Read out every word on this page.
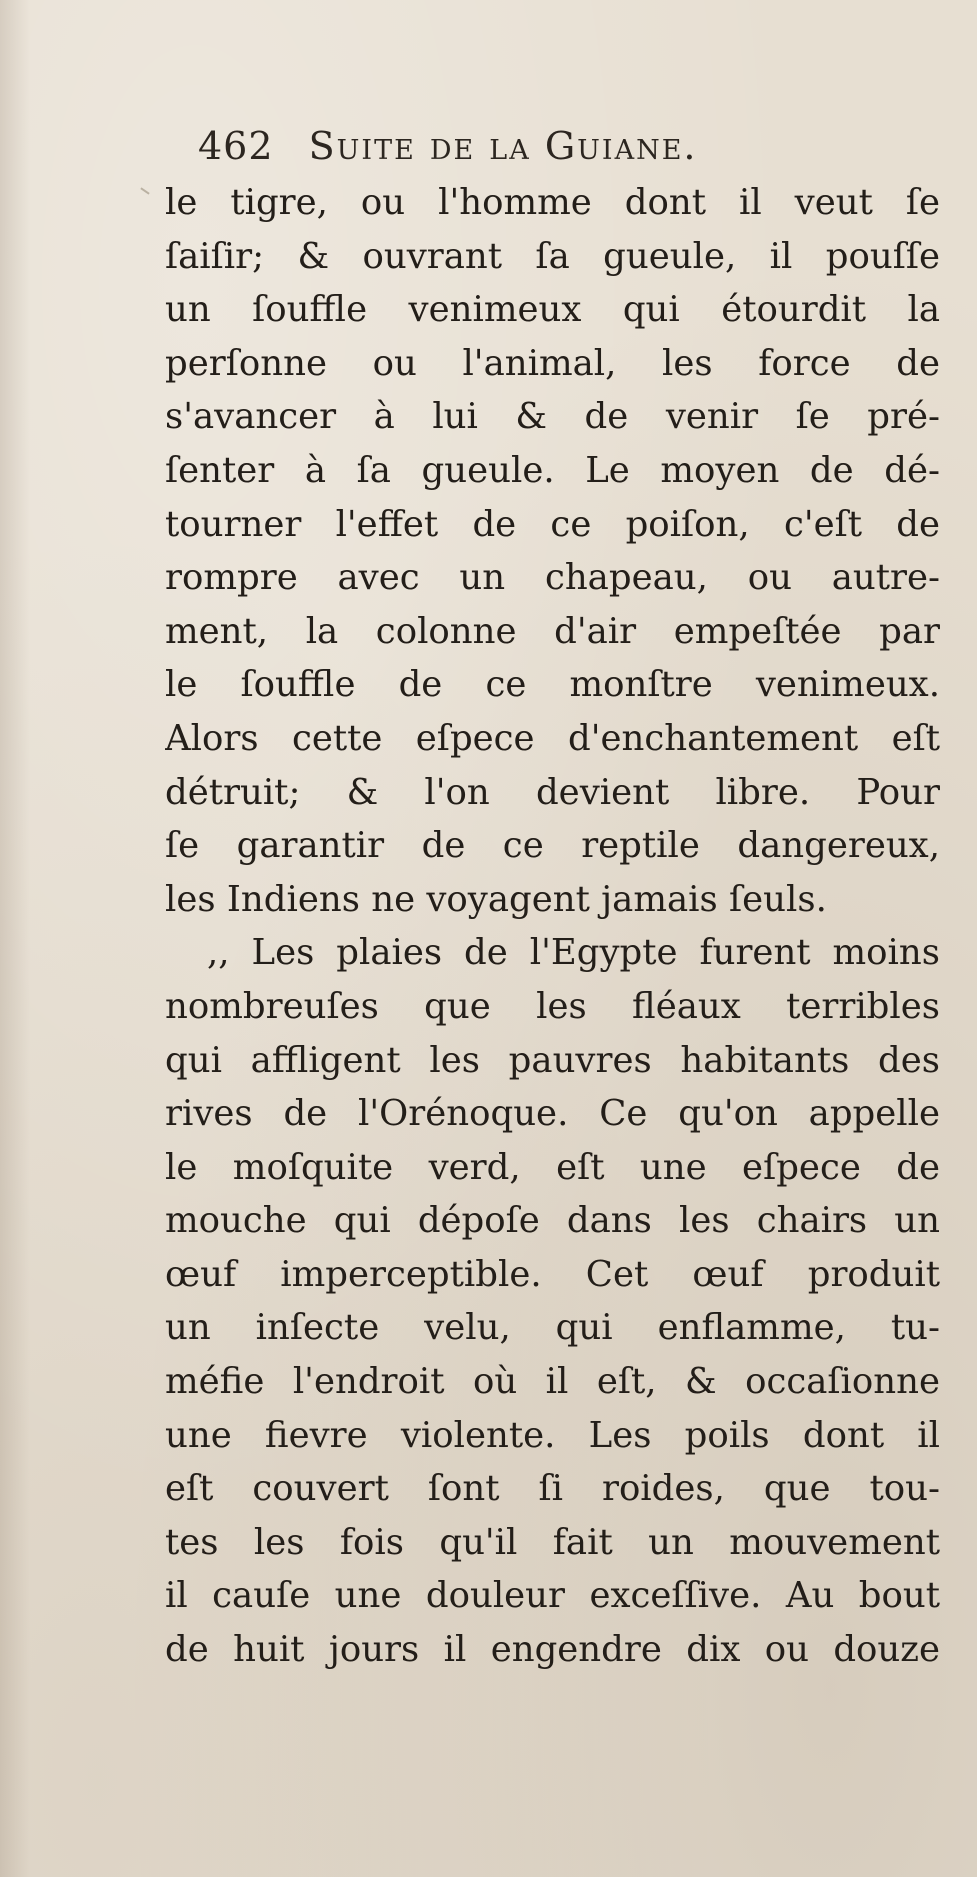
462 Suite de la Guiane.
le tigre, ou l'homme dont il veut ſe
ſaiſir; & ouvrant ſa gueule, il pouſſe
un ſouffle venimeux qui étourdit la
perſonne ou l'animal, les force de
s'avancer à lui & de venir ſe pré-
ſenter à ſa gueule. Le moyen de dé-
tourner l'effet de ce poiſon, c'eſt de
rompre avec un chapeau, ou autre-
ment, la colonne d'air empeſtée par
le ſouffle de ce monſtre venimeux.
Alors cette eſpece d'enchantement eſt
détruit; & l'on devient libre. Pour
ſe garantir de ce reptile dangereux,
les Indiens ne voyagent jamais ſeuls.
,, Les plaies de l'Egypte furent moins
nombreuſes que les fléaux terribles
qui affligent les pauvres habitants des
rives de l'Orénoque. Ce qu'on appelle
le moſquite verd, eſt une eſpece de
mouche qui dépoſe dans les chairs un
œuf imperceptible. Cet œuf produit
un inſecte velu, qui enflamme, tu-
méfie l'endroit où il eſt, & occaſionne
une fievre violente. Les poils dont il
eſt couvert ſont ſi roides, que tou-
tes les fois qu'il fait un mouvement
il cauſe une douleur exceſſive. Au bout
de huit jours il engendre dix ou douze
